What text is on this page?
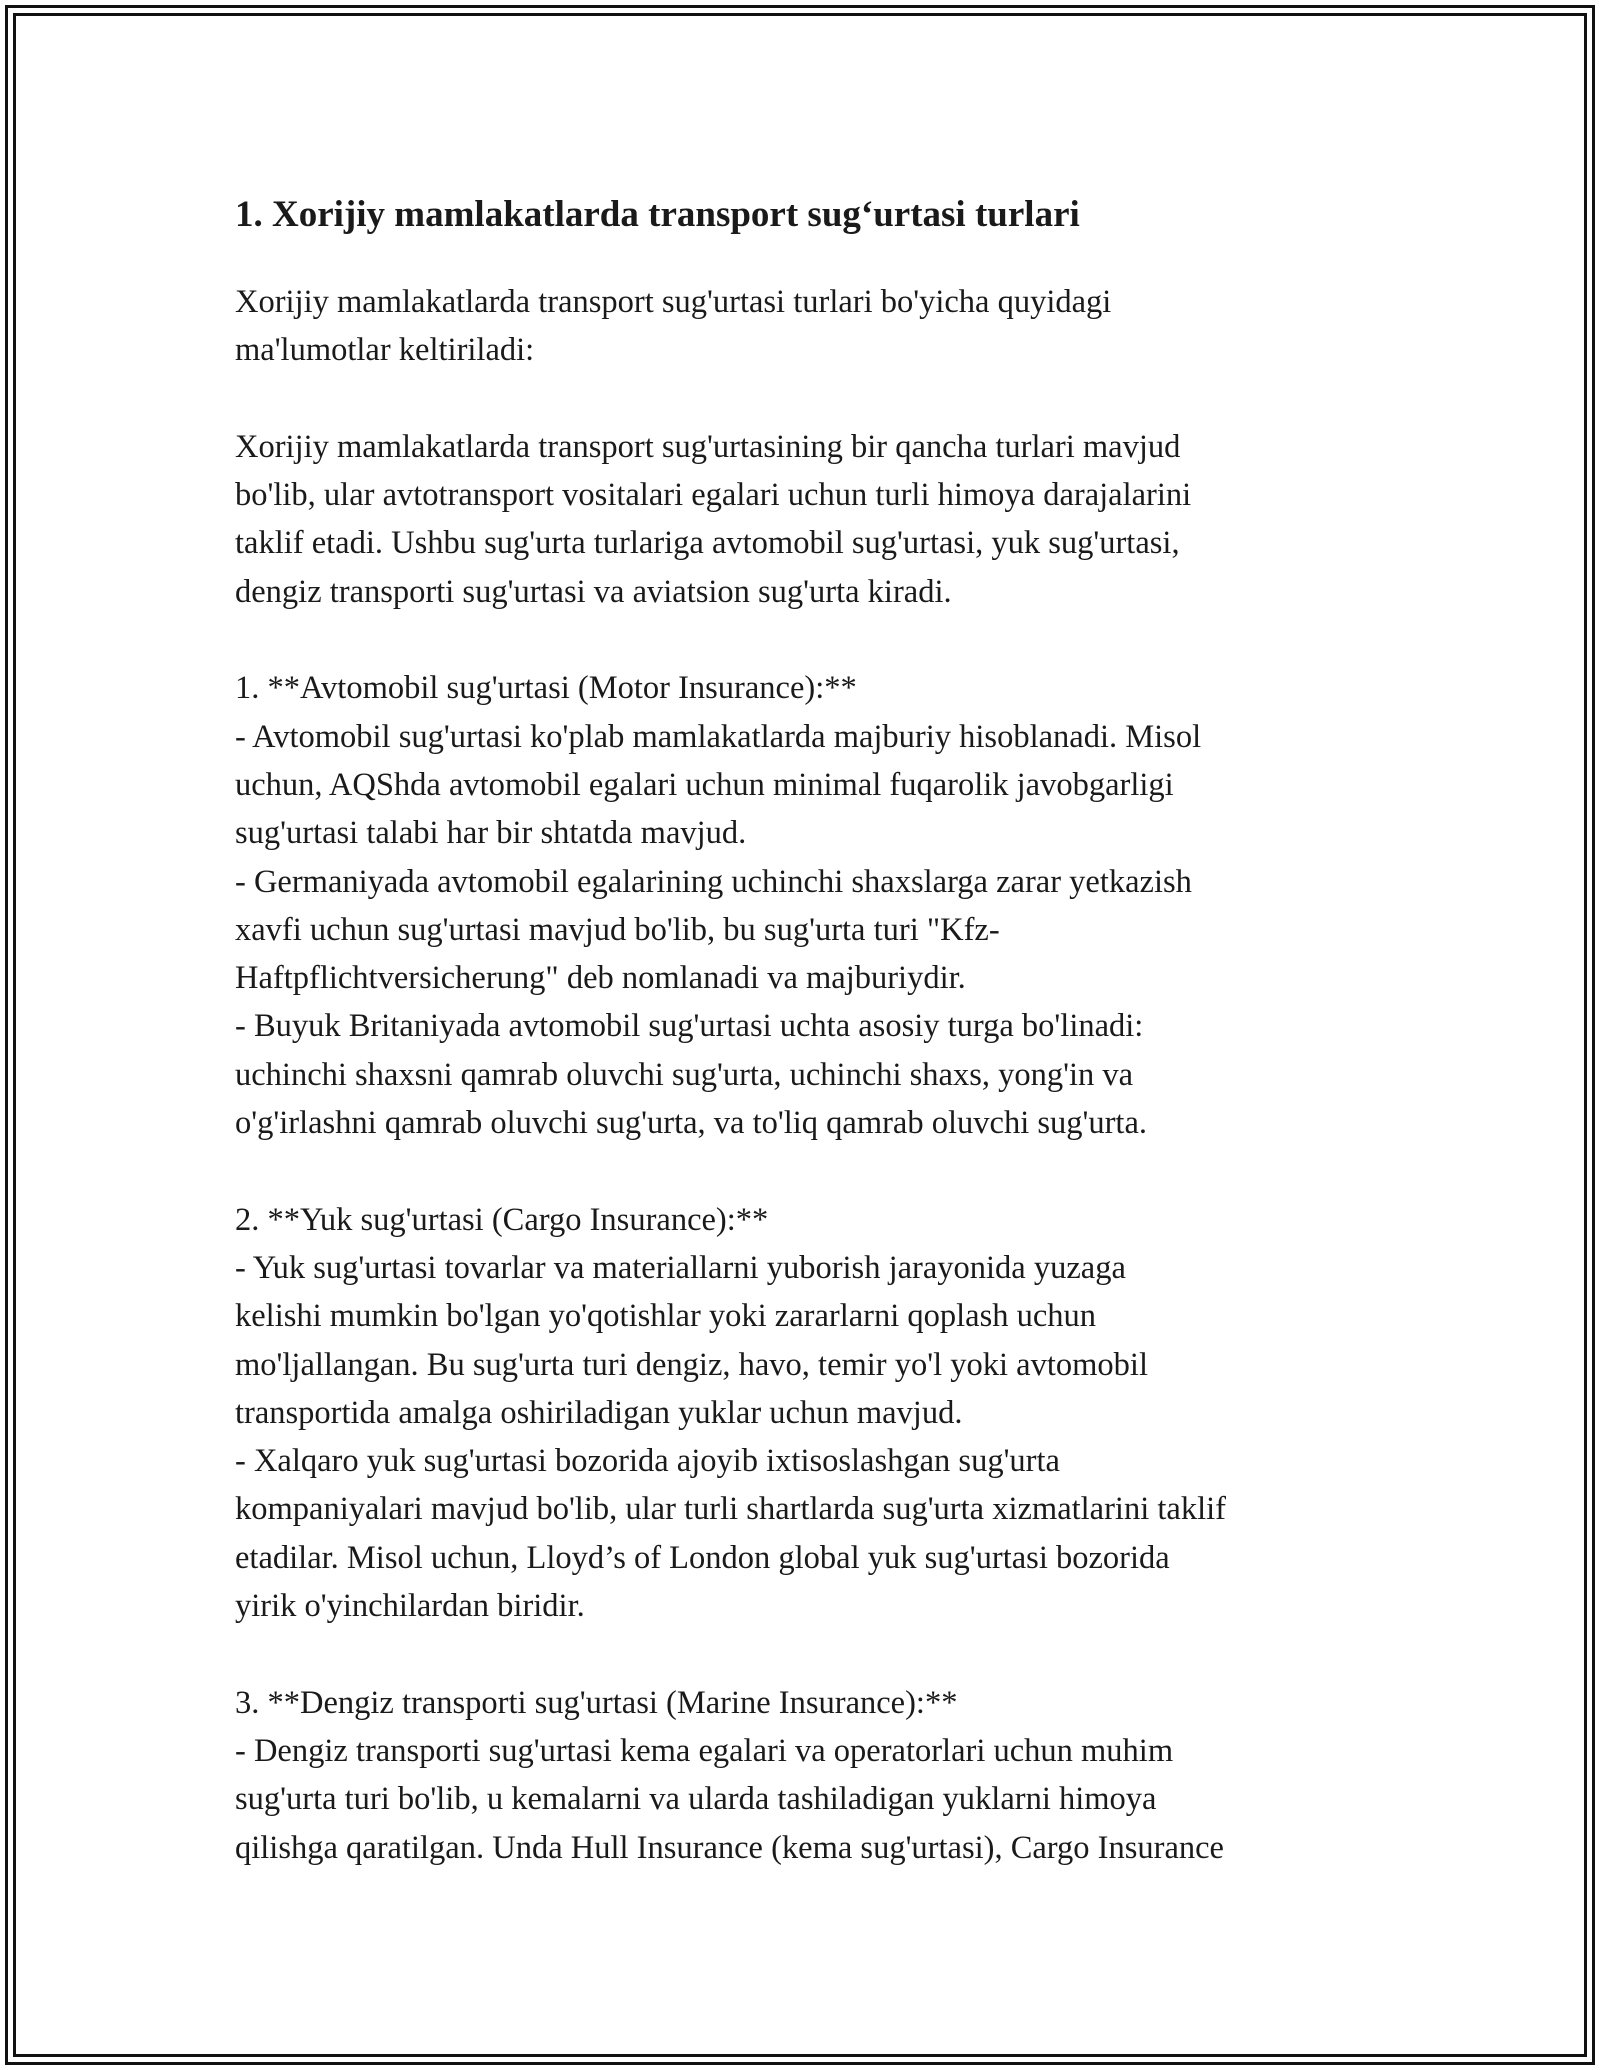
1. Xorijiy mamlakatlarda transport sug‘urtasi turlari

Xorijiy mamlakatlarda transport sug'urtasi turlari bo'yicha quyidagi
ma'lumotlar keltiriladi:

Xorijiy mamlakatlarda transport sug'urtasining bir qancha turlari mavjud
bo'lib, ular avtotransport vositalari egalari uchun turli himoya darajalarini
taklif etadi. Ushbu sug'urta turlariga avtomobil sug'urtasi, yuk sug'urtasi,
dengiz transporti sug'urtasi va aviatsion sug'urta kiradi.

1. **Avtomobil sug'urtasi (Motor Insurance):**

- Avtomobil sug'urtasi ko'plab mamlakatlarda majburiy hisoblanadi. Misol
uchun, AQShda avtomobil egalari uchun minimal fuqarolik javobgarligi
sug'urtasi talabi har bir shtatda mavjud.

- Germaniyada avtomobil egalarining uchinchi shaxslarga zarar yetkazish
xavfi uchun sug'urtasi mavjud bo'lib, bu sug'urta turi "Kfz-
Haftpflichtversicherung" deb nomlanadi va majburiydir.

- Buyuk Britaniyada avtomobil sug'urtasi uchta asosiy turga bo'linadi:
uchinchi shaxsni qamrab oluvchi sug'urta, uchinchi shaxs, yong'in va
o'g'irlashni qamrab oluvchi sug'urta, va to'liq qamrab oluvchi sug'urta.

2. **Yuk sug'urtasi (Cargo Insurance):**

- Yuk sug'urtasi tovarlar va materiallarni yuborish jarayonida yuzaga
kelishi mumkin bo'lgan yo'qotishlar yoki zararlarni qoplash uchun
mo'ljallangan. Bu sug'urta turi dengiz, havo, temir yo'l yoki avtomobil
transportida amalga oshiriladigan yuklar uchun mavjud.

- Xalqaro yuk sug'urtasi bozorida ajoyib ixtisoslashgan sug'urta
kompaniyalari mavjud bo'lib, ular turli shartlarda sug'urta xizmatlarini taklif
etadilar. Misol uchun, Lloyd’s of London global yuk sug'urtasi bozorida
yirik o'yinchilardan biridir.

3. **Dengiz transporti sug'urtasi (Marine Insurance):**

- Dengiz transporti sug'urtasi kema egalari va operatorlari uchun muhim
sug'urta turi bo'lib, u kemalarni va ularda tashiladigan yuklarni himoya
qilishga qaratilgan. Unda Hull Insurance (kema sug'urtasi), Cargo Insurance
